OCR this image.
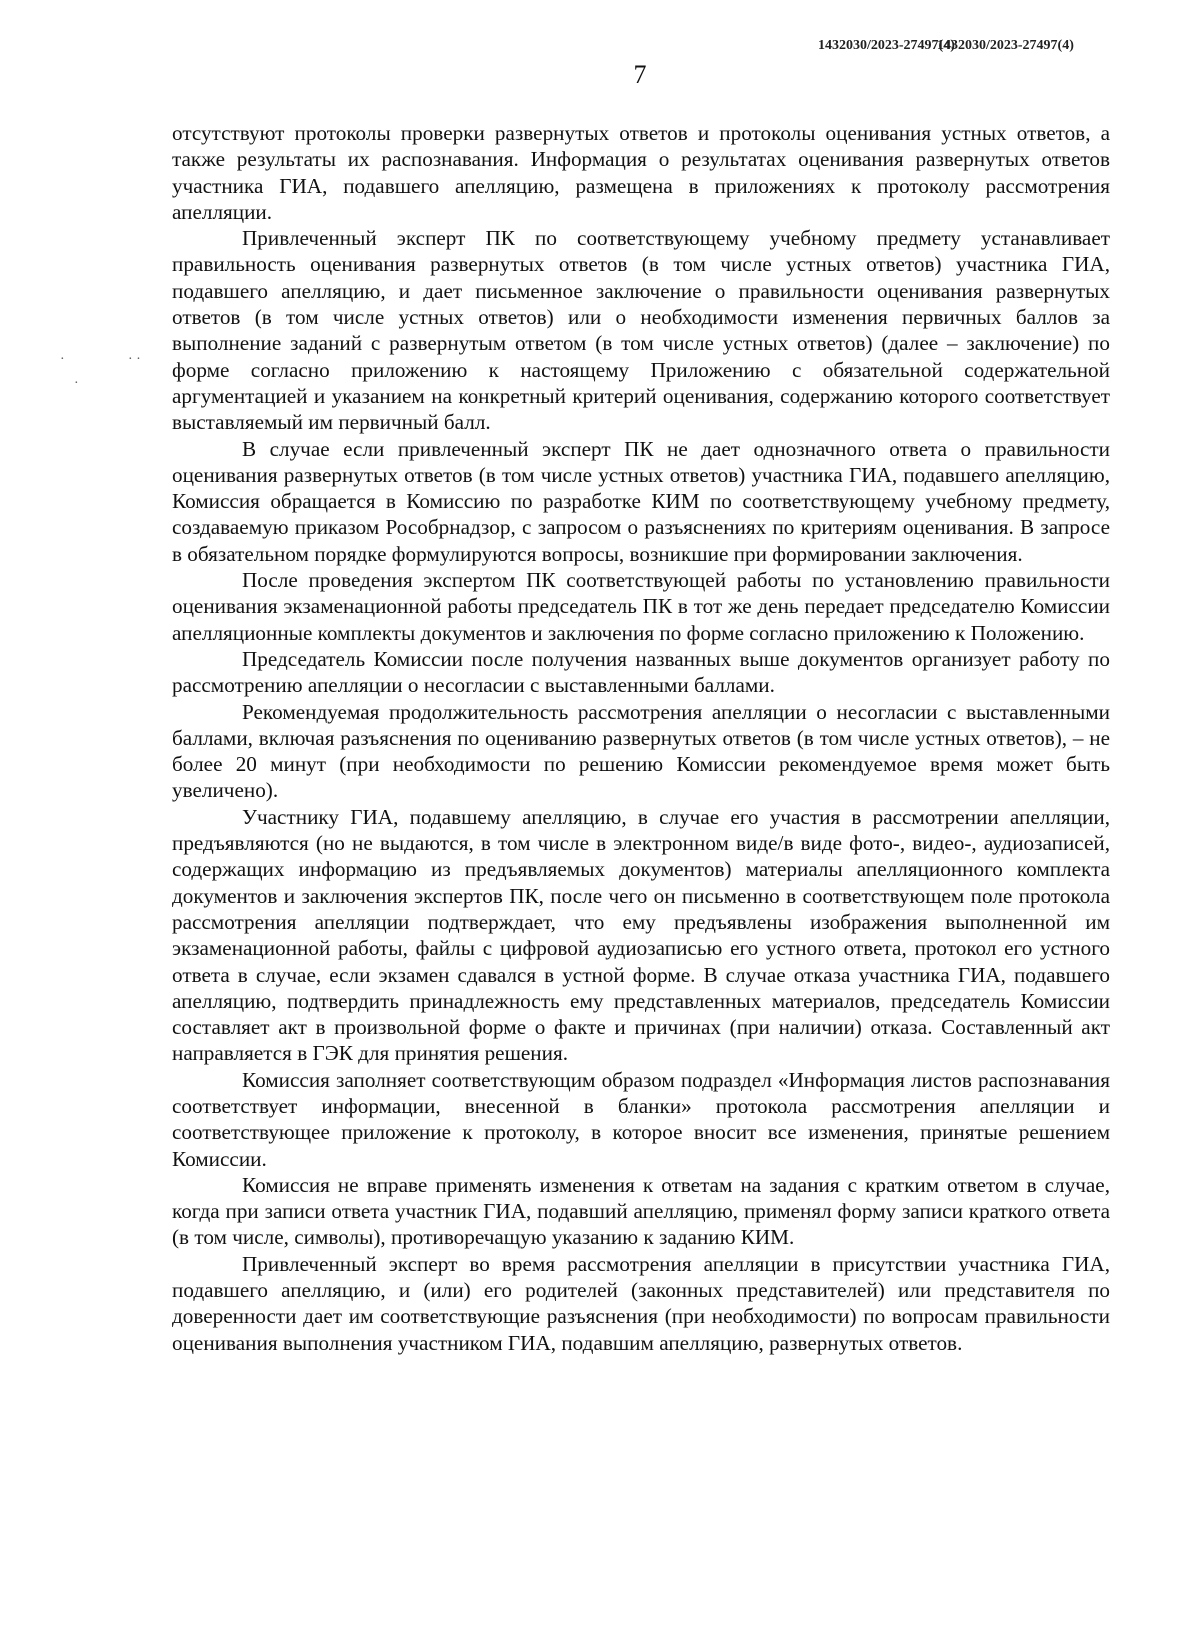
1432030/2023-27497(4)
1432030/2023-27497(4)
7
·
·
· ·

отсутствуют протоколы проверки развернутых ответов и протоколы оценивания устных ответов, а также результаты их распознавания. Информация о результатах оценивания развернутых ответов участника ГИА, подавшего апелляцию, размещена в приложениях к протоколу рассмотрения апелляции.

Привлеченный эксперт ПК по соответствующему учебному предмету устанавливает правильность оценивания развернутых ответов (в том числе устных ответов) участника ГИА, подавшего апелляцию, и дает письменное заключение о правильности оценивания развернутых ответов (в том числе устных ответов) или о необходимости изменения первичных баллов за выполнение заданий с развернутым ответом (в том числе устных ответов) (далее – заключение) по форме согласно приложению к настоящему Приложению с обязательной содержательной аргументацией и указанием на конкретный критерий оценивания, содержанию которого соответствует выставляемый им первичный балл.

В случае если привлеченный эксперт ПК не дает однозначного ответа о правильности оценивания развернутых ответов (в том числе устных ответов) участника ГИА, подавшего апелляцию, Комиссия обращается в Комиссию по разработке КИМ по соответствующему учебному предмету, создаваемую приказом Рособрнадзор, с запросом о разъяснениях по критериям оценивания. В запросе в обязательном порядке формулируются вопросы, возникшие при формировании заключения.

После проведения экспертом ПК соответствующей работы по установлению правильности оценивания экзаменационной работы председатель ПК в тот же день передает председателю Комиссии апелляционные комплекты документов и заключения по форме согласно приложению к Положению.

Председатель Комиссии после получения названных выше документов организует работу по рассмотрению апелляции о несогласии с выставленными баллами.

Рекомендуемая продолжительность рассмотрения апелляции о несогласии с выставленными баллами, включая разъяснения по оцениванию развернутых ответов (в том числе устных ответов), – не более 20 минут (при необходимости по решению Комиссии рекомендуемое время может быть увеличено).

Участнику ГИА, подавшему апелляцию, в случае его участия в рассмотрении апелляции, предъявляются (но не выдаются, в том числе в электронном виде/в виде фото-, видео-, аудиозаписей, содержащих информацию из предъявляемых документов) материалы апелляционного комплекта документов и заключения экспертов ПК, после чего он письменно в соответствующем поле протокола рассмотрения апелляции подтверждает, что ему предъявлены изображения выполненной им экзаменационной работы, файлы с цифровой аудиозаписью его устного ответа, протокол его устного ответа в случае, если экзамен сдавался в устной форме. В случае отказа участника ГИА, подавшего апелляцию, подтвердить принадлежность ему представленных материалов, председатель Комиссии составляет акт в произвольной форме о факте и причинах (при наличии) отказа. Составленный акт направляется в ГЭК для принятия решения.

Комиссия заполняет соответствующим образом подраздел «Информация листов распознавания соответствует информации, внесенной в бланки» протокола рассмотрения апелляции и соответствующее приложение к протоколу, в которое вносит все изменения, принятые решением Комиссии.

Комиссия не вправе применять изменения к ответам на задания с кратким ответом в случае, когда при записи ответа участник ГИА, подавший апелляцию, применял форму записи краткого ответа (в том числе, символы), противоречащую указанию к заданию КИМ.

Привлеченный эксперт во время рассмотрения апелляции в присутствии участника ГИА, подавшего апелляцию, и (или) его родителей (законных представителей) или представителя по доверенности дает им соответствующие разъяснения (при необходимости) по вопросам правильности оценивания выполнения участником ГИА, подавшим апелляцию, развернутых ответов.
